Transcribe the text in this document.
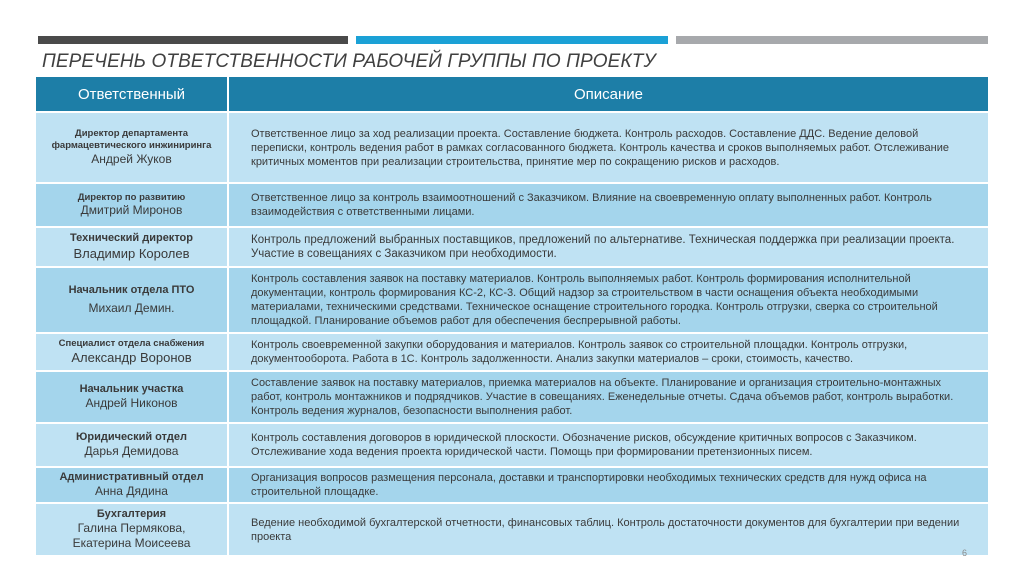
ПЕРЕЧЕНЬ ОТВЕТСТВЕННОСТИ РАБОЧЕЙ ГРУППЫ ПО ПРОЕКТУ
Ответственный	Описание

Директор департамента фармацевтического инжиниринга
Андрей Жуков	Ответственное лицо за ход реализации проекта. Составление бюджета. Контроль расходов. Составление ДДС. Ведение деловой переписки, контроль ведения работ в рамках согласованного бюджета. Контроль качества и сроков выполняемых работ. Отслеживание критичных моментов при реализации строительства, принятие мер по сокращению рисков и расходов.

Директор по развитию
Дмитрий Миронов	Ответственное лицо за контроль взаимоотношений с Заказчиком. Влияние на своевременную оплату выполненных работ. Контроль взаимодействия с ответственными лицами.

Технический директор
Владимир Королев	Контроль предложений выбранных поставщиков, предложений по альтернативе. Техническая поддержка при реализации проекта. Участие в совещаниях с Заказчиком при необходимости.

Начальник отдела ПТО
Михаил Демин.	Контроль составления заявок на поставку материалов. Контроль выполняемых работ. Контроль формирования исполнительной документации, контроль формирования КС-2, КС-3. Общий надзор за строительством в части оснащения объекта необходимыми материалами, техническими средствами. Техническое оснащение строительного городка. Контроль отгрузки, сверка со строительной площадкой. Планирование объемов работ для обеспечения беспрерывной работы.

Специалист отдела снабжения
Александр Воронов	Контроль своевременной закупки оборудования и материалов. Контроль заявок со строительной площадки. Контроль отгрузки, документооборота. Работа в 1С. Контроль задолженности. Анализ закупки материалов – сроки, стоимость, качество.

Начальник участка
Андрей Никонов	Составление заявок на поставку материалов, приемка материалов на объекте. Планирование и организация строительно-монтажных работ, контроль монтажников и подрядчиков. Участие в совещаниях. Еженедельные отчеты. Сдача объемов работ, контроль выработки. Контроль ведения журналов, безопасности выполнения работ.

Юридический отдел
Дарья Демидова	Контроль составления договоров в юридической плоскости. Обозначение рисков, обсуждение критичных вопросов с Заказчиком. Отслеживание хода ведения проекта юридической части. Помощь при формировании претензионных писем.

Административный отдел
Анна Дядина	Организация вопросов размещения персонала, доставки и транспортировки необходимых технических средств для нужд офиса на строительной площадке.

Бухгалтерия
Галина Пермякова,
Екатерина Моисеева	Ведение необходимой бухгалтерской отчетности, финансовых таблиц. Контроль достаточности документов для бухгалтерии при ведении проекта
6
